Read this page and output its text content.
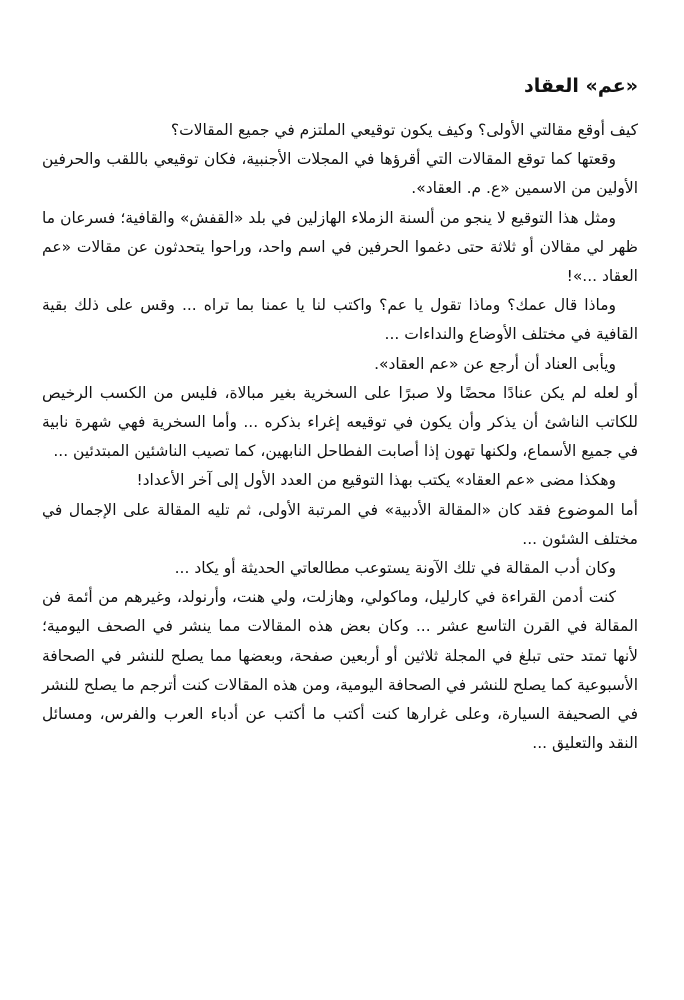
«عم» العقاد

كيف أوقع مقالتي الأولى؟ وكيف يكون توقيعي الملتزم في جميع المقالات؟

وقعتها كما توقع المقالات التي أقرؤها في المجلات الأجنبية، فكان توقيعي باللقب والحرفين الأولين من الاسمين «ع. م. العقاد».

ومثل هذا التوقيع لا ينجو من ألسنة الزملاء الهازلين في بلد «القفش» والقافية؛ فسرعان ما ظهر لي مقالان أو ثلاثة حتى دغموا الحرفين في اسم واحد، وراحوا يتحدثون عن مقالات «عم العقاد ...»!

وماذا قال عمك؟ وماذا تقول يا عم؟ واكتب لنا يا عمنا بما تراه ... وقس على ذلك بقية القافية في مختلف الأوضاع والنداءات ...

ويأبى العناد أن أرجع عن «عم العقاد».

أو لعله لم يكن عنادًا محضًا ولا صبرًا على السخرية بغير مبالاة، فليس من الكسب الرخيص للكاتب الناشئ أن يذكر وأن يكون في توقيعه إغراء بذكره ... وأما السخرية فهي شهرة نابية في جميع الأسماع، ولكنها تهون إذا أصابت الفطاحل النابهين، كما تصيب الناشئين المبتدئين ...

وهكذا مضى «عم العقاد» يكتب بهذا التوقيع من العدد الأول إلى آخر الأعداد!

أما الموضوع فقد كان «المقالة الأدبية» في المرتبة الأولى، ثم تليه المقالة على الإجمال في مختلف الشئون ...

وكان أدب المقالة في تلك الآونة يستوعب مطالعاتي الحديثة أو يكاد ...

كنت أدمن القراءة في كارليل، وماكولي، وهازلت، ولي هنت، وأرنولد، وغيرهم من أئمة فن المقالة في القرن التاسع عشر ... وكان بعض هذه المقالات مما ينشر في الصحف اليومية؛ لأنها تمتد حتى تبلغ في المجلة ثلاثين أو أربعين صفحة، وبعضها مما يصلح للنشر في الصحافة الأسبوعية كما يصلح للنشر في الصحافة اليومية، ومن هذه المقالات كنت أترجم ما يصلح للنشر في الصحيفة السيارة، وعلى غرارها كنت أكتب ما أكتب عن أدباء العرب والفرس، ومسائل النقد والتعليق ...
